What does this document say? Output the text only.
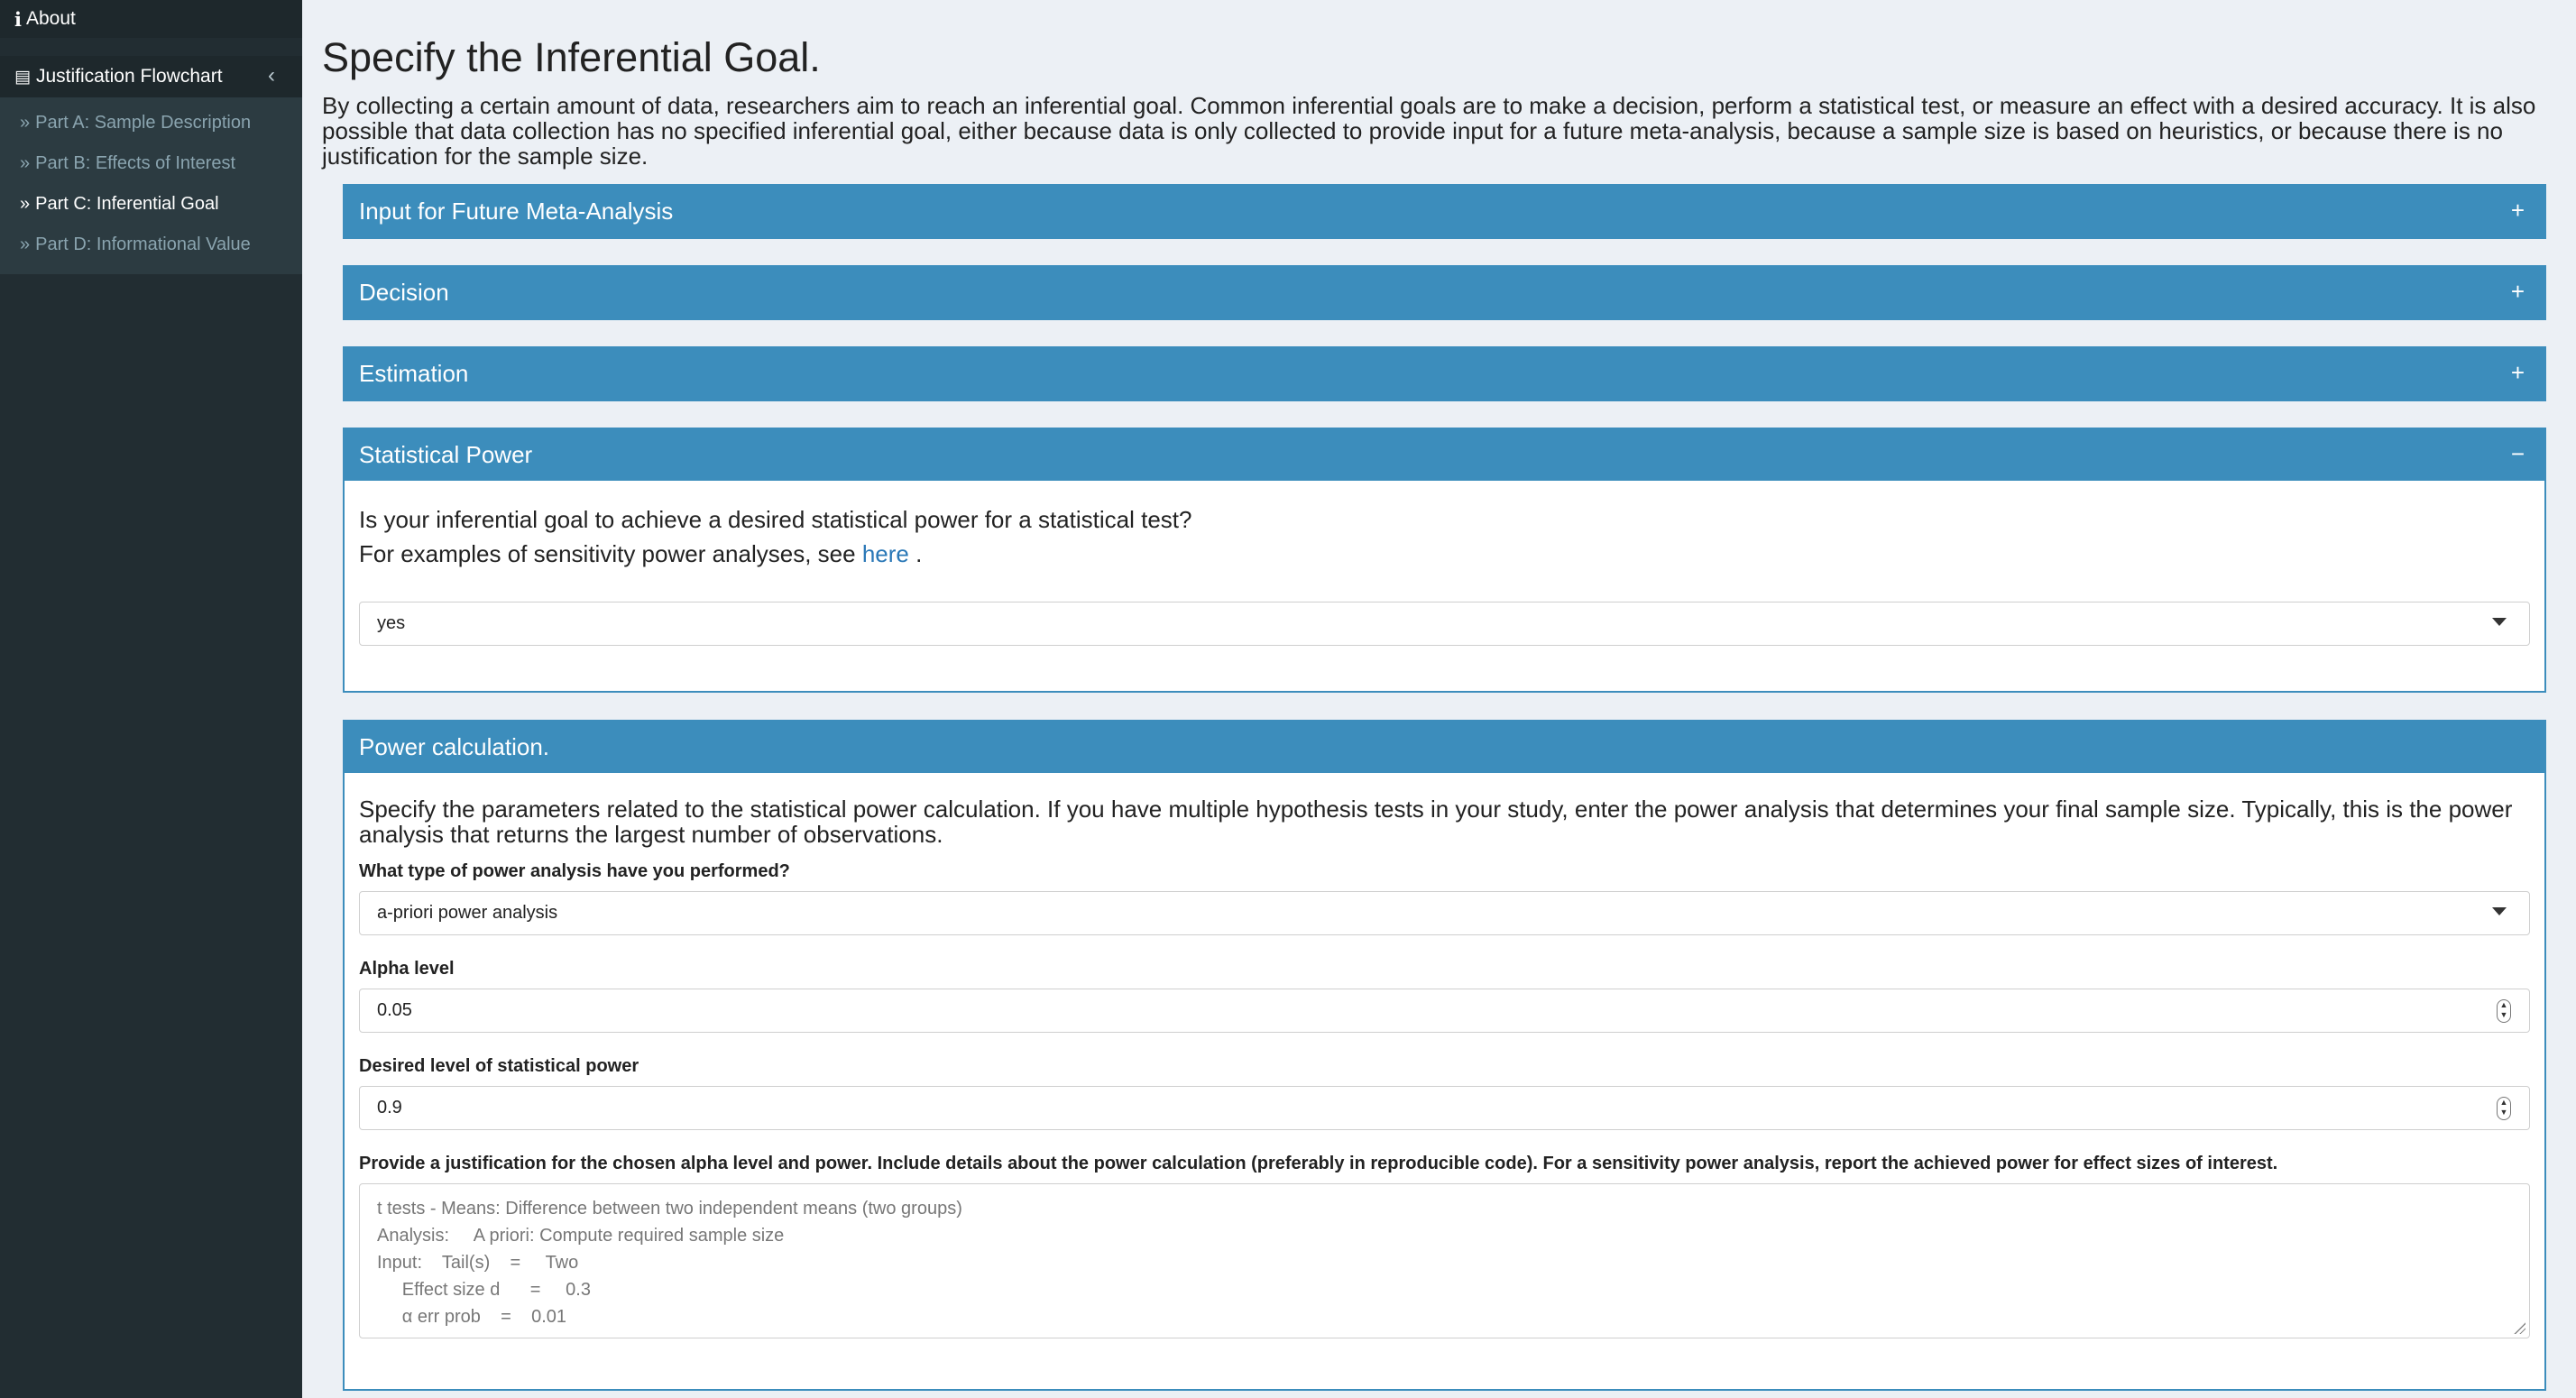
i About
▤ Justification Flowchart ‹
» Part A: Sample Description
» Part B: Effects of Interest
» Part C: Inferential Goal
» Part D: Informational Value
Specify the Inferential Goal.
By collecting a certain amount of data, researchers aim to reach an inferential goal. Common inferential goals are to make a decision, perform a statistical test, or measure an effect with a desired accuracy. It is also possible that data collection has no specified inferential goal, either because data is only collected to provide input for a future meta-analysis, because a sample size is based on heuristics, or because there is no justification for the sample size.
Input for Future Meta-Analysis	+
Decision	+
Estimation	+
Statistical Power	−
Is your inferential goal to achieve a desired statistical power for a statistical test?
For examples of sensitivity power analyses, see here .
yes
Power calculation.
Specify the parameters related to the statistical power calculation. If you have multiple hypothesis tests in your study, enter the power analysis that determines your final sample size. Typically, this is the power analysis that returns the largest number of observations.
What type of power analysis have you performed?
a-priori power analysis
Alpha level
0.05	▲
▼
Desired level of statistical power
0.9	▲
▼
Provide a justification for the chosen alpha level and power. Include details about the power calculation (preferably in reproducible code). For a sensitivity power analysis, report the achieved power for effect sizes of interest.
t tests - Means: Difference between two independent means (two groups)
Analysis:     A priori: Compute required sample size
Input:    Tail(s)    =     Two
Effect size d      =     0.3
α err prob    =    0.01
